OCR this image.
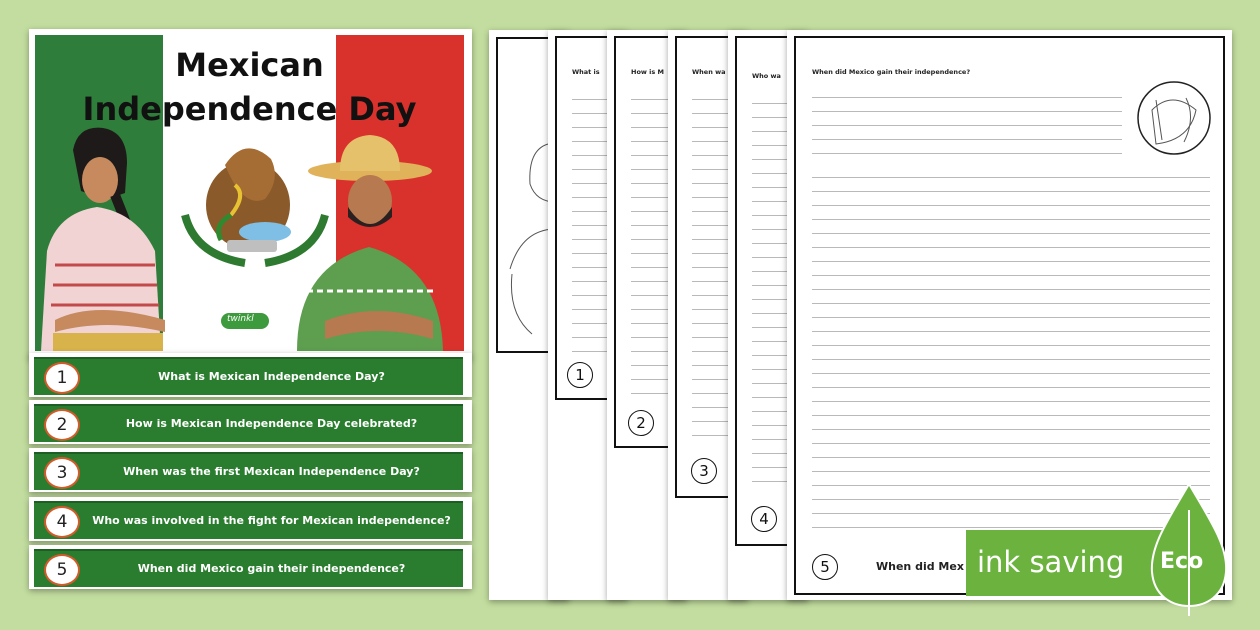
twinkl
Mexican
Independence Day
1	What is Mexican Independence Day?
2	How is Mexican Independence Day celebrated?
3	When was the first Mexican Independence Day?
4	Who was involved in the fight for Mexican independence?
5	When did Mexico gain their independence?
What is
1
How is M
2
When wa
3
Who wa
4
When did Mexico gain their independence?
5	When did Mex ink saving Eco
